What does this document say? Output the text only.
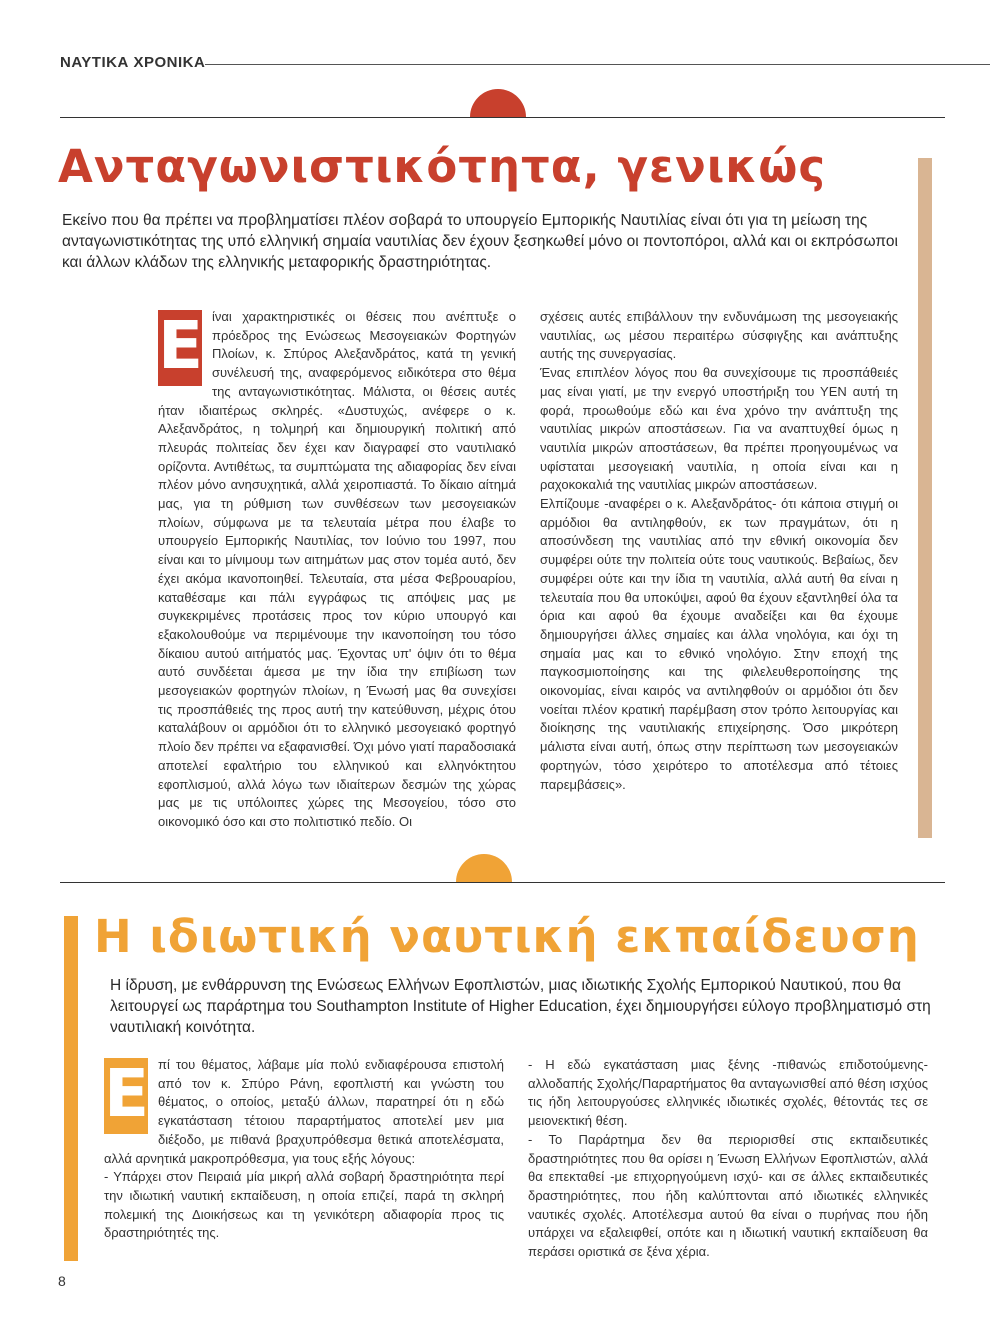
ΝΑΥΤΙΚΑ ΧΡΟΝΙΚΑ
Ανταγωνιστικότητα, γενικώς
Εκείνο που θα πρέπει να προβληματίσει πλέον σοβαρά το υπουργείο Εμπορικής Ναυτιλίας είναι ότι για τη μείωση της ανταγωνιστικότητας της υπό ελληνική σημαία ναυτιλίας δεν έχουν ξεσηκωθεί μόνο οι ποντοπόροι, αλλά και οι εκπρόσωποι και άλλων κλάδων της ελληνικής μεταφορικής δραστηριότητας.
Ε ίναι χαρακτηριστικές οι θέσεις που ανέπτυξε ο πρόεδρος της Ενώσεως Μεσογειακών Φορτηγών Πλοίων, κ. Σπύρος Αλεξανδράτος, κατά τη γενική συνέλευσή της, αναφερόμενος ειδικότερα στο θέμα της ανταγωνιστικότητας. Μάλιστα, οι θέσεις αυτές ήταν ιδιαιτέρως σκληρές. «Δυστυχώς, ανέφερε ο κ. Αλεξανδράτος, η τολμηρή και δημιουργική πολιτική από πλευράς πολιτείας δεν έχει καν διαγραφεί στο ναυτιλιακό ορίζοντα. Αντιθέτως, τα συμπτώματα της αδιαφορίας δεν είναι πλέον μόνο ανησυχητικά, αλλά χειροπιαστά. Το δίκαιο αίτημά μας, για τη ρύθμιση των συνθέσεων των μεσογειακών πλοίων, σύμφωνα με τα τελευταία μέτρα που έλαβε το υπουργείο Εμπορικής Ναυτιλίας, τον Ιούνιο του 1997, που είναι και το μίνιμουμ των αιτημάτων μας στον τομέα αυτό, δεν έχει ακόμα ικανοποιηθεί. Τελευταία, στα μέσα Φεβρουαρίου, καταθέσαμε και πάλι εγγράφως τις απόψεις μας με συγκεκριμένες προτάσεις προς τον κύριο υπουργό και εξακολουθούμε να περιμένουμε την ικανοποίηση του τόσο δίκαιου αυτού αιτήματός μας. Έχοντας υπ' όψιν ότι το θέμα αυτό συνδέεται άμεσα με την ίδια την επιβίωση των μεσογειακών φορτηγών πλοίων, η Ένωσή μας θα συνεχίσει τις προσπάθειές της προς αυτή την κατεύθυνση, μέχρις ότου καταλάβουν οι αρμόδιοι ότι το ελληνικό μεσογειακό φορτηγό πλοίο δεν πρέπει να εξαφανισθεί. Όχι μόνο γιατί παραδοσιακά αποτελεί εφαλτήριο του ελληνικού και ελληνόκτητου εφοπλισμού, αλλά λόγω των ιδιαίτερων δεσμών της χώρας μας με τις υπόλοιπες χώρες της Μεσογείου, τόσο στο οικονομικό όσο και στο πολιτιστικό πεδίο. Οι

σχέσεις αυτές επιβάλλουν την ενδυνάμωση της μεσογειακής ναυτιλίας, ως μέσου περαιτέρω σύσφιγξης και ανάπτυξης αυτής της συνεργασίας.

Ένας επιπλέον λόγος που θα συνεχίσουμε τις προσπάθειές μας είναι γιατί, με την ενεργό υποστήριξη του ΥΕΝ αυτή τη φορά, προωθούμε εδώ και ένα χρόνο την ανάπτυξη της ναυτιλίας μικρών αποστάσεων. Για να αναπτυχθεί όμως η ναυτιλία μικρών αποστάσεων, θα πρέπει προηγουμένως να υφίσταται μεσογειακή ναυτιλία, η οποία είναι και η ραχοκοκαλιά της ναυτιλίας μικρών αποστάσεων.

Ελπίζουμε -αναφέρει ο κ. Αλεξανδράτος- ότι κάποια στιγμή οι αρμόδιοι θα αντιληφθούν, εκ των πραγμάτων, ότι η αποσύνδεση της ναυτιλίας από την εθνική οικονομία δεν συμφέρει ούτε την πολιτεία ούτε τους ναυτικούς. Βεβαίως, δεν συμφέρει ούτε και την ίδια τη ναυτιλία, αλλά αυτή θα είναι η τελευταία που θα υποκύψει, αφού θα έχουν εξαντληθεί όλα τα όρια και αφού θα έχουμε αναδείξει και θα έχουμε δημιουργήσει άλλες σημαίες και άλλα νηολόγια, και όχι τη σημαία μας και το εθνικό νηολόγιο. Στην εποχή της παγκοσμιοποίησης και της φιλελευθεροποίησης της οικονομίας, είναι καιρός να αντιληφθούν οι αρμόδιοι ότι δεν νοείται πλέον κρατική παρέμβαση στον τρόπο λειτουργίας και διοίκησης της ναυτιλιακής επιχείρησης. Όσο μικρότερη μάλιστα είναι αυτή, όπως στην περίπτωση των μεσογειακών φορτηγών, τόσο χειρότερο το αποτέλεσμα από τέτοιες παρεμβάσεις».

Η ιδιωτική ναυτική εκπαίδευση
Η ίδρυση, με ενθάρρυνση της Ενώσεως Ελλήνων Εφοπλιστών, μιας ιδιωτικής Σχολής Εμπορικού Ναυτικού, που θα λειτουργεί ως παράρτημα του Southampton Institute of Higher Education, έχει δημιουργήσει εύλογο προβληματισμό στη ναυτιλιακή κοινότητα.
Ε πί του θέματος, λάβαμε μία πολύ ενδιαφέρουσα επιστολή από τον κ. Σπύρο Ράνη, εφοπλιστή και γνώστη του θέματος, ο οποίος, μεταξύ άλλων, παρατηρεί ότι η εδώ εγκατάσταση τέτοιου παραρτήματος αποτελεί μεν μια διέξοδο, με πιθανά βραχυπρόθεσμα θετικά αποτελέσματα, αλλά αρνητικά μακροπρόθεσμα, για τους εξής λόγους:

- Υπάρχει στον Πειραιά μία μικρή αλλά σοβαρή δραστηριότητα περί την ιδιωτική ναυτική εκπαίδευση, η οποία επιζεί, παρά τη σκληρή πολεμική της Διοικήσεως και τη γενικότερη αδιαφορία προς τις δραστηριότητές της.

- Η εδώ εγκατάσταση μιας ξένης -πιθανώς επιδοτούμενης- αλλοδαπής Σχολής/Παραρτήματος θα ανταγωνισθεί από θέση ισχύος τις ήδη λειτουργούσες ελληνικές ιδιωτικές σχολές, θέτοντάς τες σε μειονεκτική θέση.

- Το Παράρτημα δεν θα περιορισθεί στις εκπαιδευτικές δραστηριότητες που θα ορίσει η Ένωση Ελλήνων Εφοπλιστών, αλλά θα επεκταθεί -με επιχορηγούμενη ισχύ- και σε άλλες εκπαιδευτικές δραστηριότητες, που ήδη καλύπτονται από ιδιωτικές ελληνικές ναυτικές σχολές. Αποτέλεσμα αυτού θα είναι ο πυρήνας που ήδη υπάρχει να εξαλειφθεί, οπότε και η ιδιωτική ναυτική εκπαίδευση θα περάσει οριστικά σε ξένα χέρια.

8
